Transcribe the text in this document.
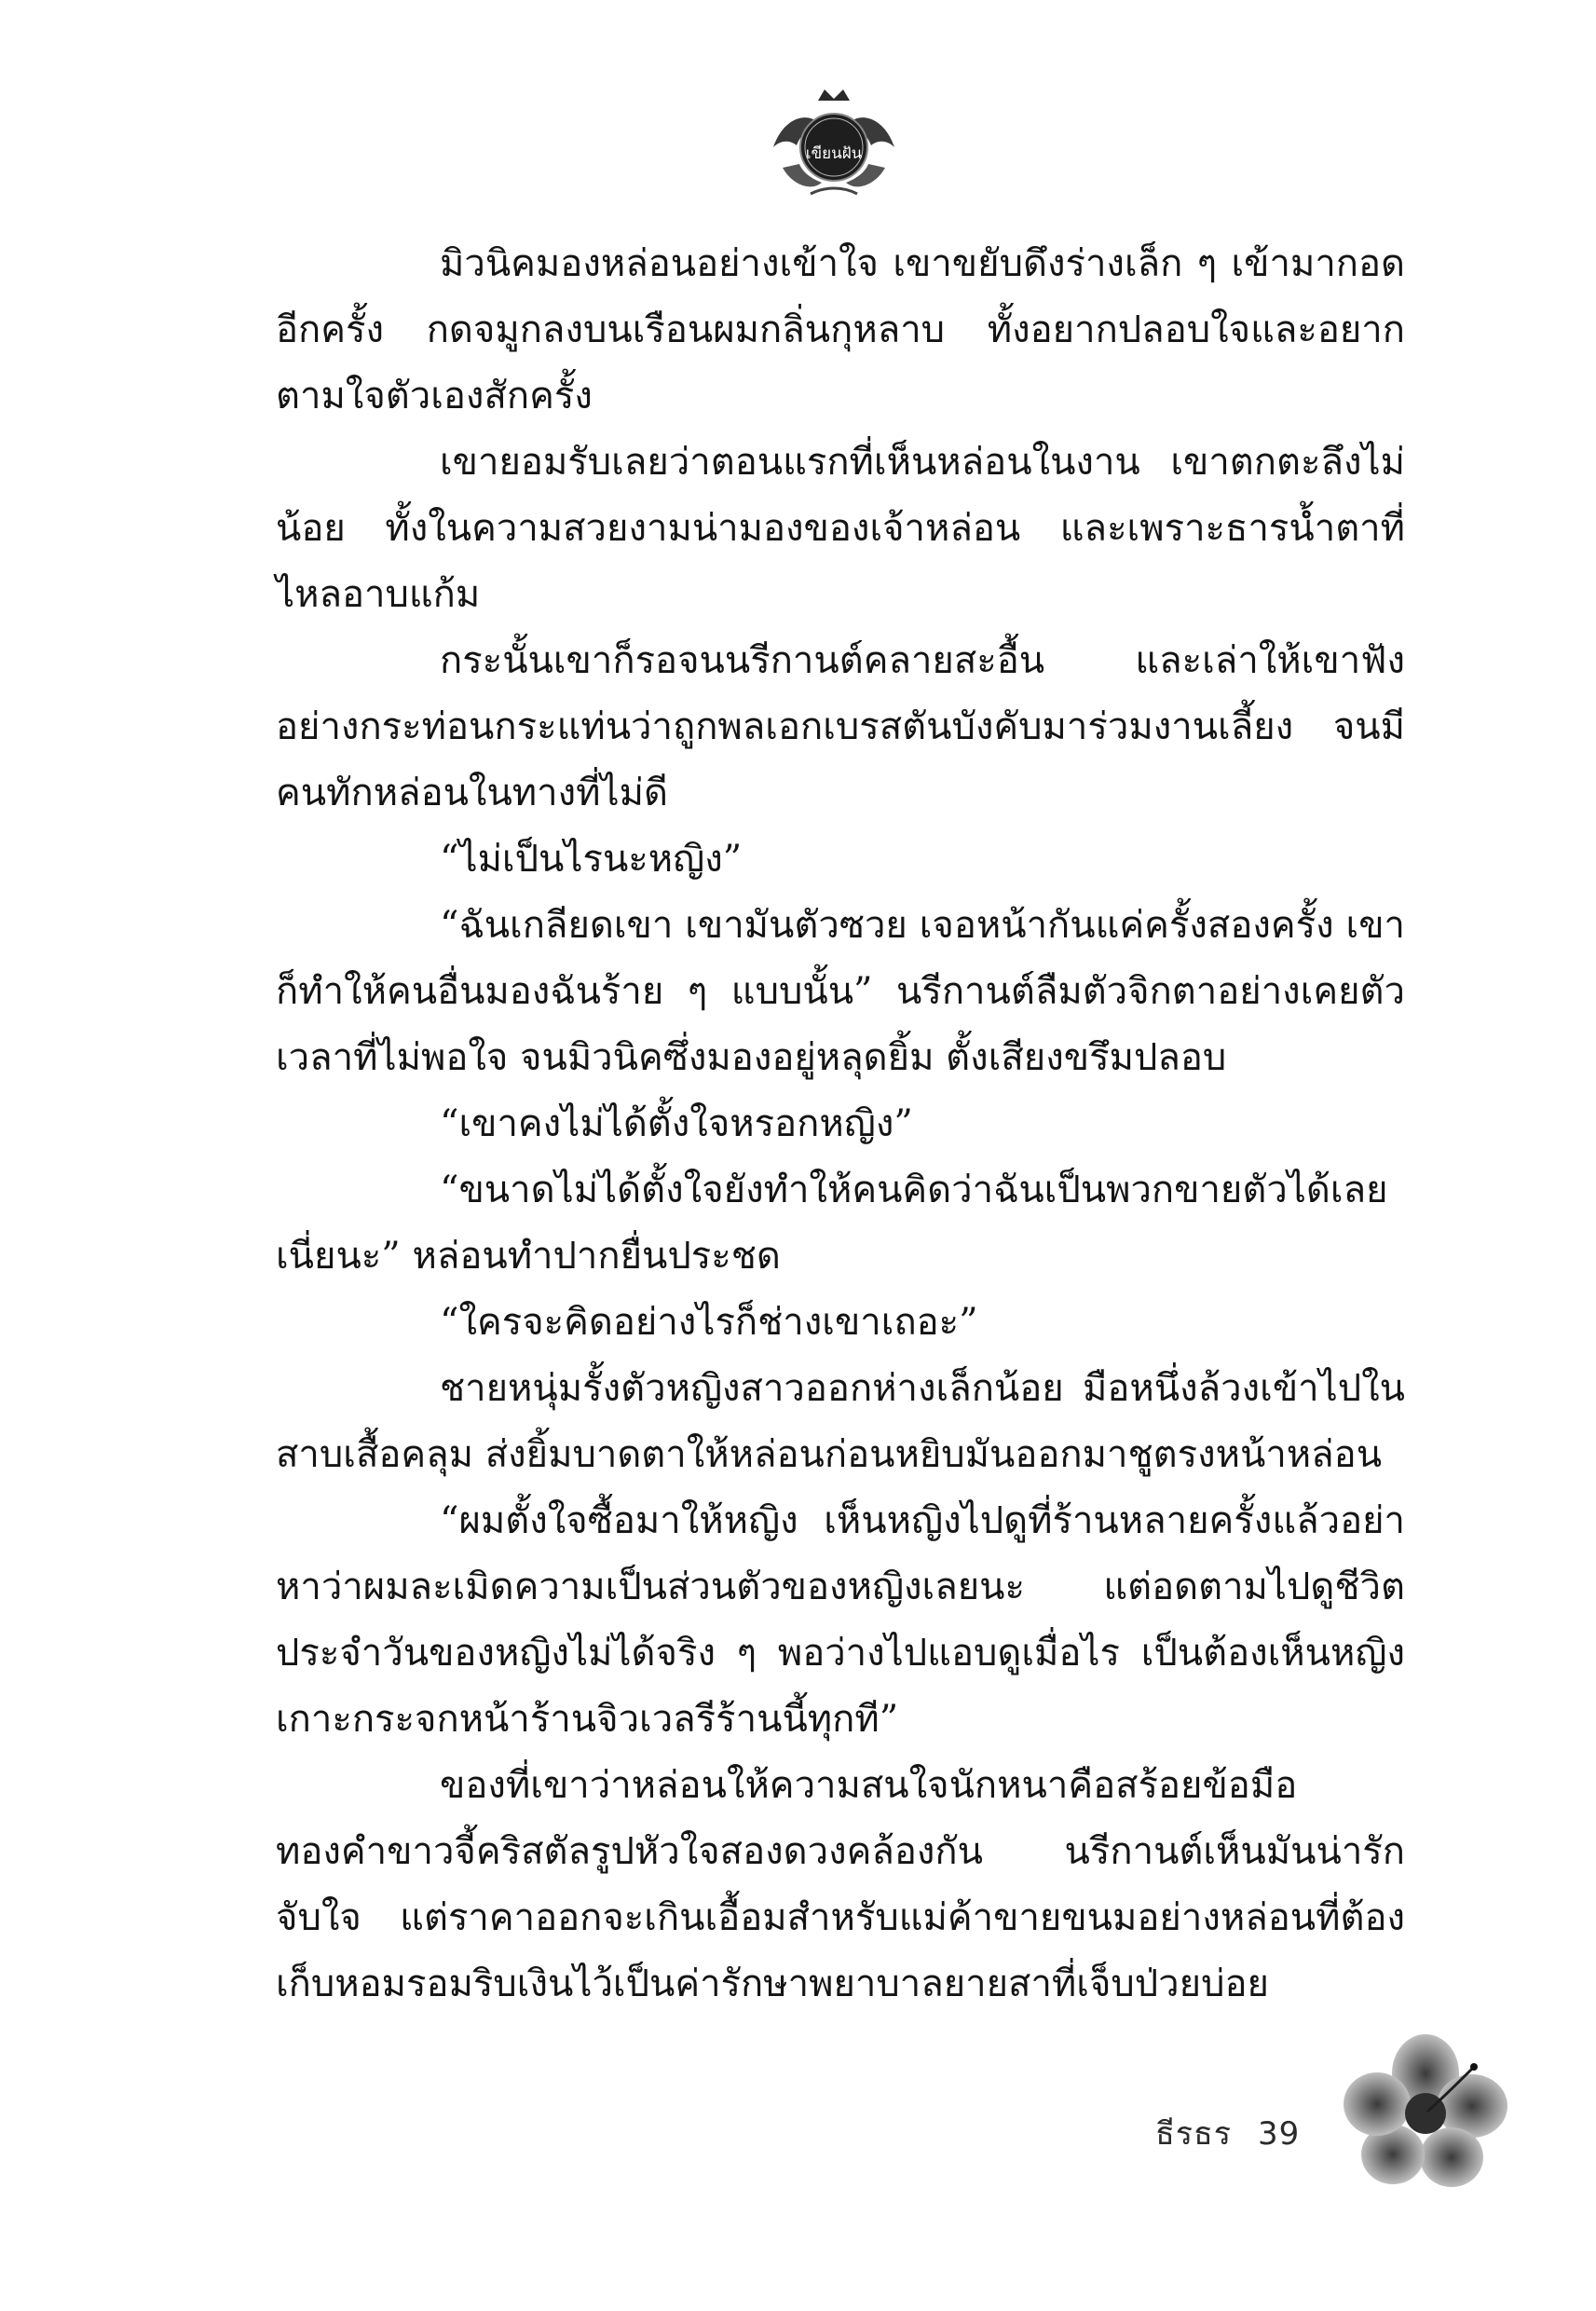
เขียนฝัน

มิวนิคมองหล่อนอย่างเข้าใจ เขาขยับดึงร่างเล็ก ๆ เข้ามากอดอีกครั้ง กดจมูกลงบนเรือนผมกลิ่นกุหลาบ ทั้งอยากปลอบใจและอยากตามใจตัวเองสักครั้ง

เขายอมรับเลยว่าตอนแรกที่เห็นหล่อนในงาน เขาตกตะลึงไม่น้อย ทั้งในความสวยงามน่ามองของเจ้าหล่อน และเพราะธารน้ำตาที่ไหลอาบแก้ม

กระนั้นเขาก็รอจนนรีกานต์คลายสะอื้น และเล่าให้เขาฟังอย่างกระท่อนกระแท่นว่าถูกพลเอกเบรสตันบังคับมาร่วมงานเลี้ยง จนมีคนทักหล่อนในทางที่ไม่ดี

“ไม่เป็นไรนะหญิง”

“ฉันเกลียดเขา เขามันตัวซวย เจอหน้ากันแค่ครั้งสองครั้ง เขาก็ทำให้คนอื่นมองฉันร้าย ๆ แบบนั้น” นรีกานต์ลืมตัวจิกตาอย่างเคยตัวเวลาที่ไม่พอใจ จนมิวนิคซึ่งมองอยู่หลุดยิ้ม ตั้งเสียงขรึมปลอบ

“เขาคงไม่ได้ตั้งใจหรอกหญิง”

“ขนาดไม่ได้ตั้งใจยังทำให้คนคิดว่าฉันเป็นพวกขายตัวได้เลยเนี่ยนะ” หล่อนทำปากยื่นประชด

“ใครจะคิดอย่างไรก็ช่างเขาเถอะ”

ชายหนุ่มรั้งตัวหญิงสาวออกห่างเล็กน้อย มือหนึ่งล้วงเข้าไปในสาบเสื้อคลุม ส่งยิ้มบาดตาให้หล่อนก่อนหยิบมันออกมาชูตรงหน้าหล่อน

“ผมตั้งใจซื้อมาให้หญิง เห็นหญิงไปดูที่ร้านหลายครั้งแล้วอย่าหาว่าผมละเมิดความเป็นส่วนตัวของหญิงเลยนะ แต่อดตามไปดูชีวิตประจำวันของหญิงไม่ได้จริง ๆ พอว่างไปแอบดูเมื่อไร เป็นต้องเห็นหญิงเกาะกระจกหน้าร้านจิวเวลรีร้านนี้ทุกที”

ของที่เขาว่าหล่อนให้ความสนใจนักหนาคือสร้อยข้อมือทองคำขาวจี้คริสตัลรูปหัวใจสองดวงคล้องกัน นรีกานต์เห็นมันน่ารักจับใจ แต่ราคาออกจะเกินเอื้อมสำหรับแม่ค้าขายขนมอย่างหล่อนที่ต้องเก็บหอมรอมริบเงินไว้เป็นค่ารักษาพยาบาลยายสาที่เจ็บป่วยบ่อย

ธีรธร 39
